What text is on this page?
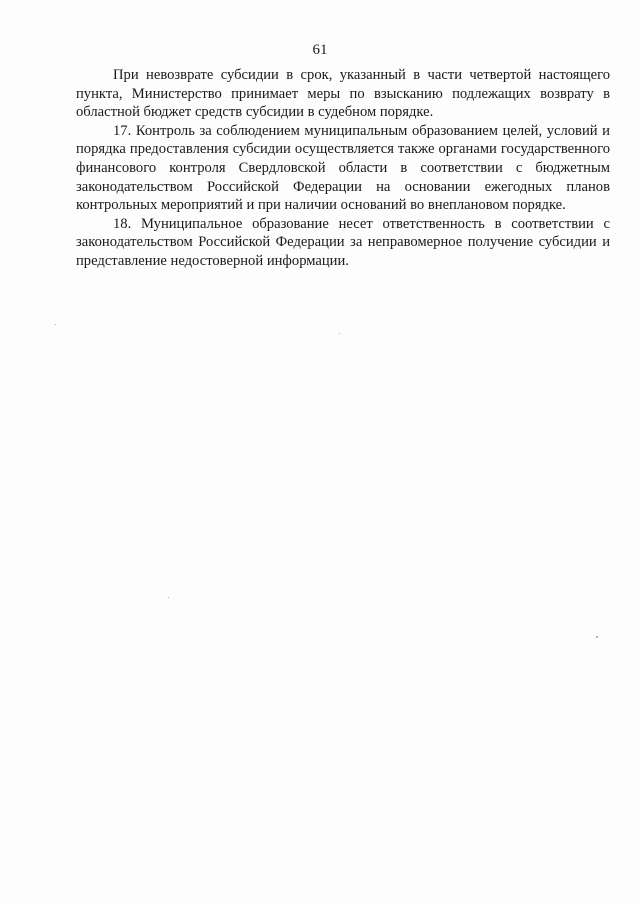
61

При невозврате субсидии в срок, указанный в части четвертой настоящего пункта, Министерство принимает меры по взысканию подлежащих возврату в областной бюджет средств субсидии в судебном порядке.

17. Контроль за соблюдением муниципальным образованием целей, условий и порядка предоставления субсидии осуществляется также органами государственного финансового контроля Свердловской области в соответствии с бюджетным законодательством Российской Федерации на основании ежегодных планов контрольных мероприятий и при наличии оснований во внеплановом порядке.

18. Муниципальное образование несет ответственность в соответствии с законодательством Российской Федерации за неправомерное получение субсидии и представление недостоверной информации.
